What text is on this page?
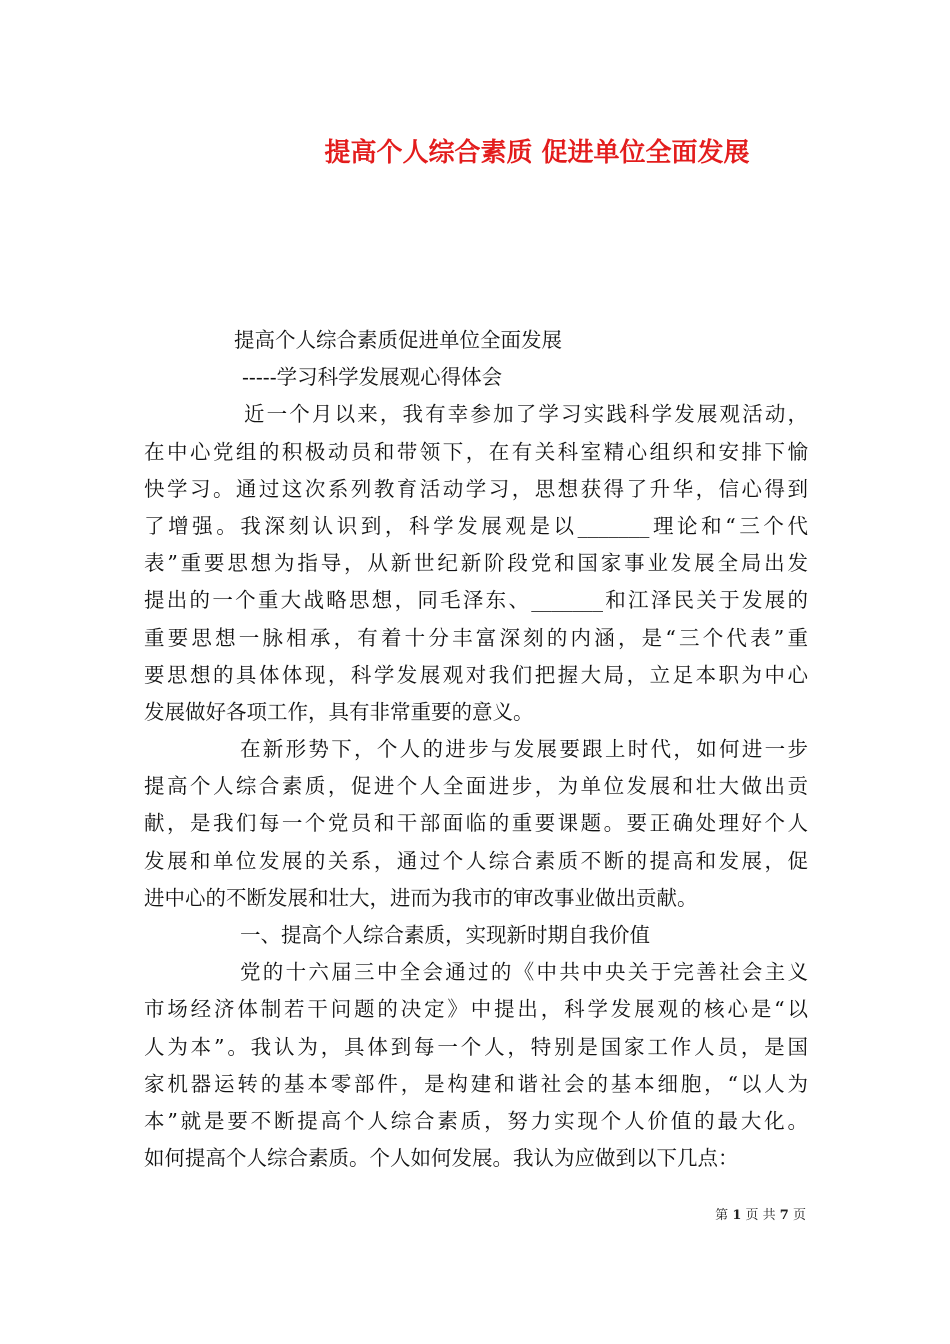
提高个人综合素质 促进单位全面发展
提高个人综合素质促进单位全面发展
-----学习科学发展观心得体会
近一个月以来，我有幸参加了学习实践科学发展观活动，
在中心党组的积极动员和带领下，在有关科室精心组织和安排下愉
快学习。通过这次系列教育活动学习，思想获得了升华，信心得到
了增强。我深刻认识到，科学发展观是以_______理论和“三个代
表”重要思想为指导，从新世纪新阶段党和国家事业发展全局出发
提出的一个重大战略思想，同毛泽东、_______和江泽民关于发展的
重要思想一脉相承，有着十分丰富深刻的内涵，是“三个代表”重
要思想的具体体现，科学发展观对我们把握大局，立足本职为中心
发展做好各项工作，具有非常重要的意义。
在新形势下，个人的进步与发展要跟上时代，如何进一步
提高个人综合素质，促进个人全面进步，为单位发展和壮大做出贡
献，是我们每一个党员和干部面临的重要课题。要正确处理好个人
发展和单位发展的关系，通过个人综合素质不断的提高和发展，促
进中心的不断发展和壮大，进而为我市的审改事业做出贡献。
一、提高个人综合素质，实现新时期自我价值
党的十六届三中全会通过的《中共中央关于完善社会主义
市场经济体制若干问题的决定》中提出，科学发展观的核心是“以
人为本”。我认为，具体到每一个人，特别是国家工作人员，是国
家机器运转的基本零部件，是构建和谐社会的基本细胞，“以人为
本”就是要不断提高个人综合素质，努力实现个人价值的最大化。
如何提高个人综合素质。个人如何发展。我认为应做到以下几点：
第 1 页 共 7 页
